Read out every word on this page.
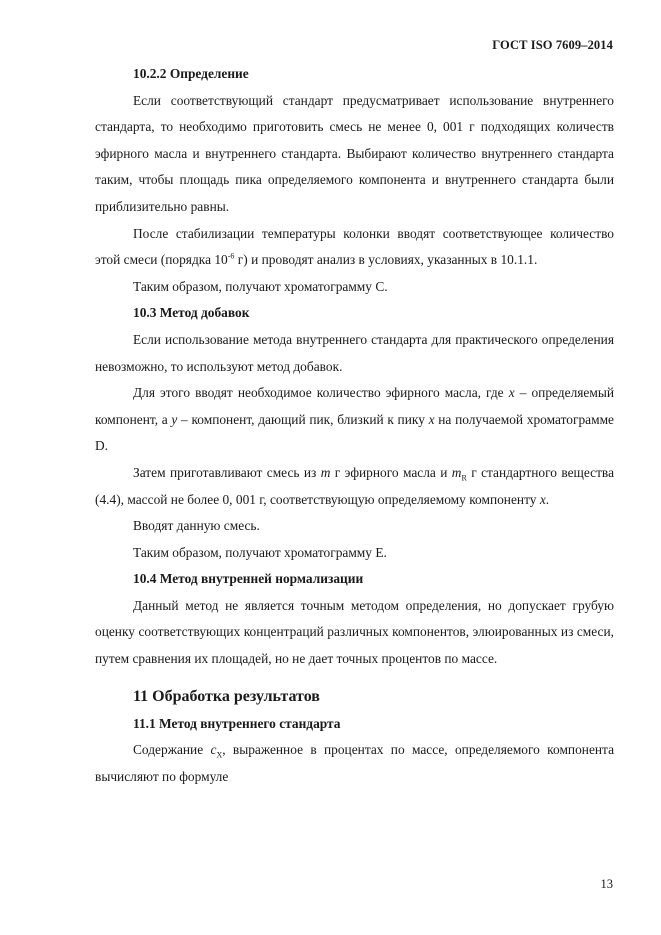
ГОСТ ISO 7609–2014

10.2.2 Определение

Если соответствующий стандарт предусматривает использование внутреннего стандарта, то необходимо приготовить смесь не менее 0, 001 г подходящих количеств эфирного масла и внутреннего стандарта. Выбирают количество внутреннего стандарта таким, чтобы площадь пика определяемого компонента и внутреннего стандарта были приблизительно равны.

После стабилизации температуры колонки вводят соответствующее количество этой смеси (порядка $10^{-6}$ г) и проводят анализ в условиях, указанных в 10.1.1.

Таким образом, получают хроматограмму С.

10.3 Метод добавок

Если использование метода внутреннего стандарта для практического определения невозможно, то используют метод добавок.

Для этого вводят необходимое количество эфирного масла, где x – определяемый компонент, а y – компонент, дающий пик, близкий к пику x на получаемой хроматограмме D.

Затем приготавливают смесь из m г эфирного масла и $m_R$ г стандартного вещества (4.4), массой не более 0, 001 г, соответствующую определяемому компоненту x.

Вводят данную смесь.

Таким образом, получают хроматограмму Е.

10.4 Метод внутренней нормализации

Данный метод не является точным методом определения, но допускает грубую оценку соответствующих концентраций различных компонентов, элюированных из смеси, путем сравнения их площадей, но не дает точных процентов по массе.

11 Обработка результатов

11.1 Метод внутреннего стандарта

Содержание $c_X$, выраженное в процентах по массе, определяемого компонента вычисляют по формуле

13
